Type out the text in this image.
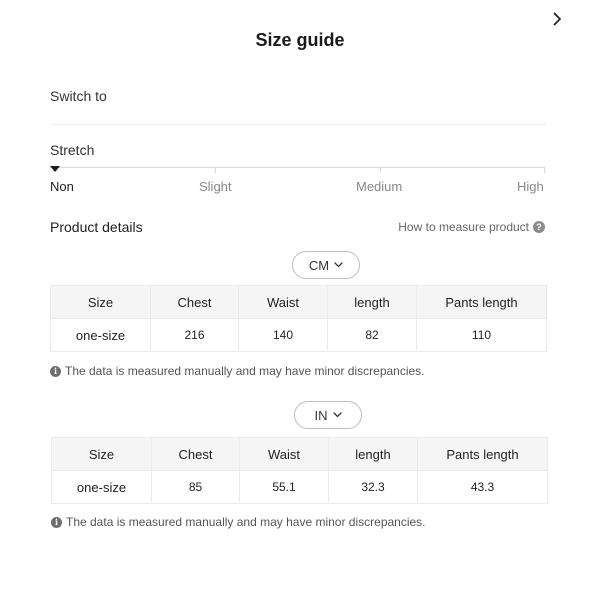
Size guide
Switch to
Stretch
Non	Slight	Medium	High
Product details	How to measure product ?
CM
Size	Chest	Waist	length	Pants length
one-size	216	140	82	110
i The data is measured manually and may have minor discrepancies.
IN
Size	Chest	Waist	length	Pants length
one-size	85	55.1	32.3	43.3
i The data is measured manually and may have minor discrepancies.
